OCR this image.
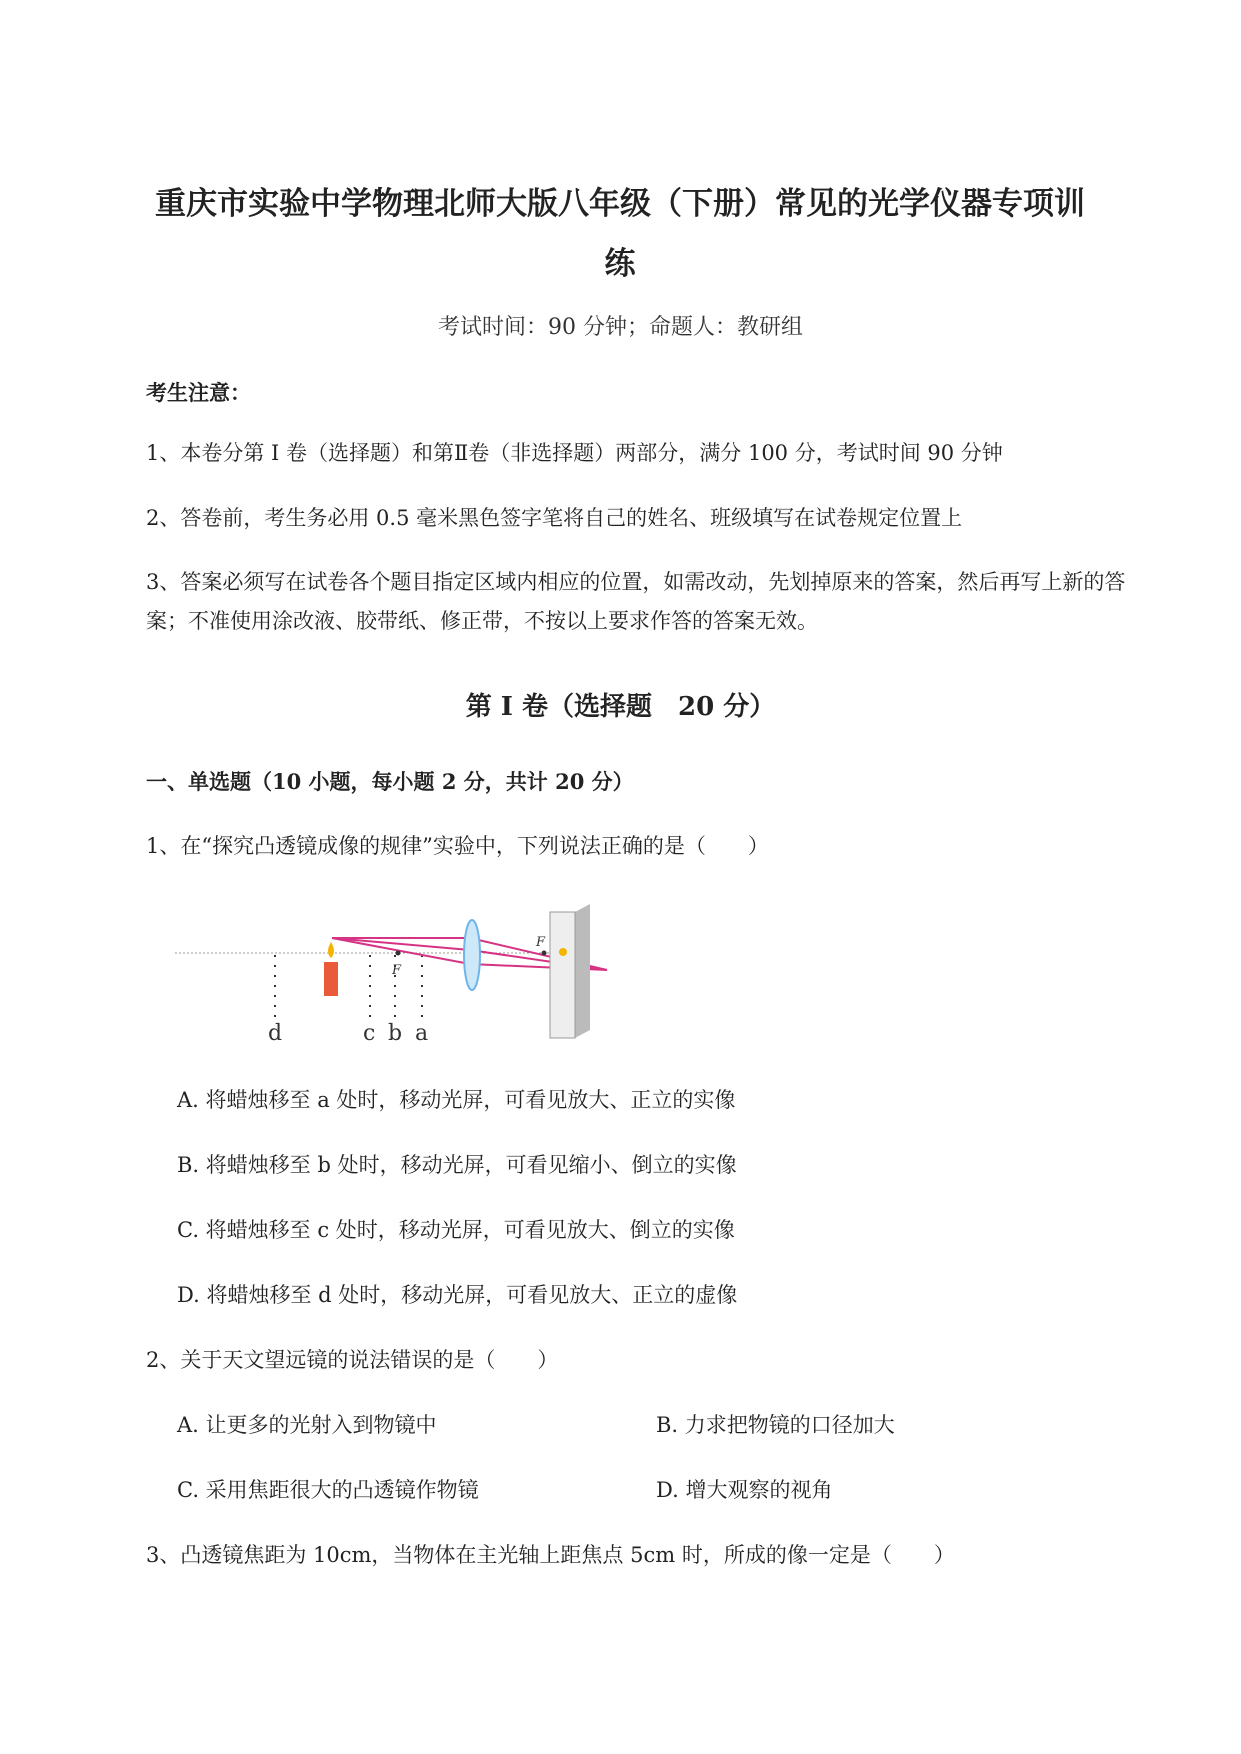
重庆市实验中学物理北师大版八年级（下册）常见的光学仪器专项训
练
考试时间：90 分钟；命题人：教研组
考生注意：
1、本卷分第 I 卷（选择题）和第Ⅱ卷（非选择题）两部分，满分 100 分，考试时间 90 分钟
2、答卷前，考生务必用 0.5 毫米黑色签字笔将自己的姓名、班级填写在试卷规定位置上
3、答案必须写在试卷各个题目指定区域内相应的位置，如需改动，先划掉原来的答案，然后再写上新的答案；不准使用涂改液、胶带纸、修正带，不按以上要求作答的答案无效。
第 I 卷（选择题　20 分）
一、单选题（10 小题，每小题 2 分，共计 20 分）
1、在“探究凸透镜成像的规律”实验中，下列说法正确的是（　　）
F
F
d	c b a
A. 将蜡烛移至 a 处时，移动光屏，可看见放大、正立的实像
B. 将蜡烛移至 b 处时，移动光屏，可看见缩小、倒立的实像
C. 将蜡烛移至 c 处时，移动光屏，可看见放大、倒立的实像
D. 将蜡烛移至 d 处时，移动光屏，可看见放大、正立的虚像
2、关于天文望远镜的说法错误的是（　　）
A. 让更多的光射入到物镜中	B. 力求把物镜的口径加大
C. 采用焦距很大的凸透镜作物镜	D. 增大观察的视角
3、凸透镜焦距为 10cm，当物体在主光轴上距焦点 5cm 时，所成的像一定是（　　）
